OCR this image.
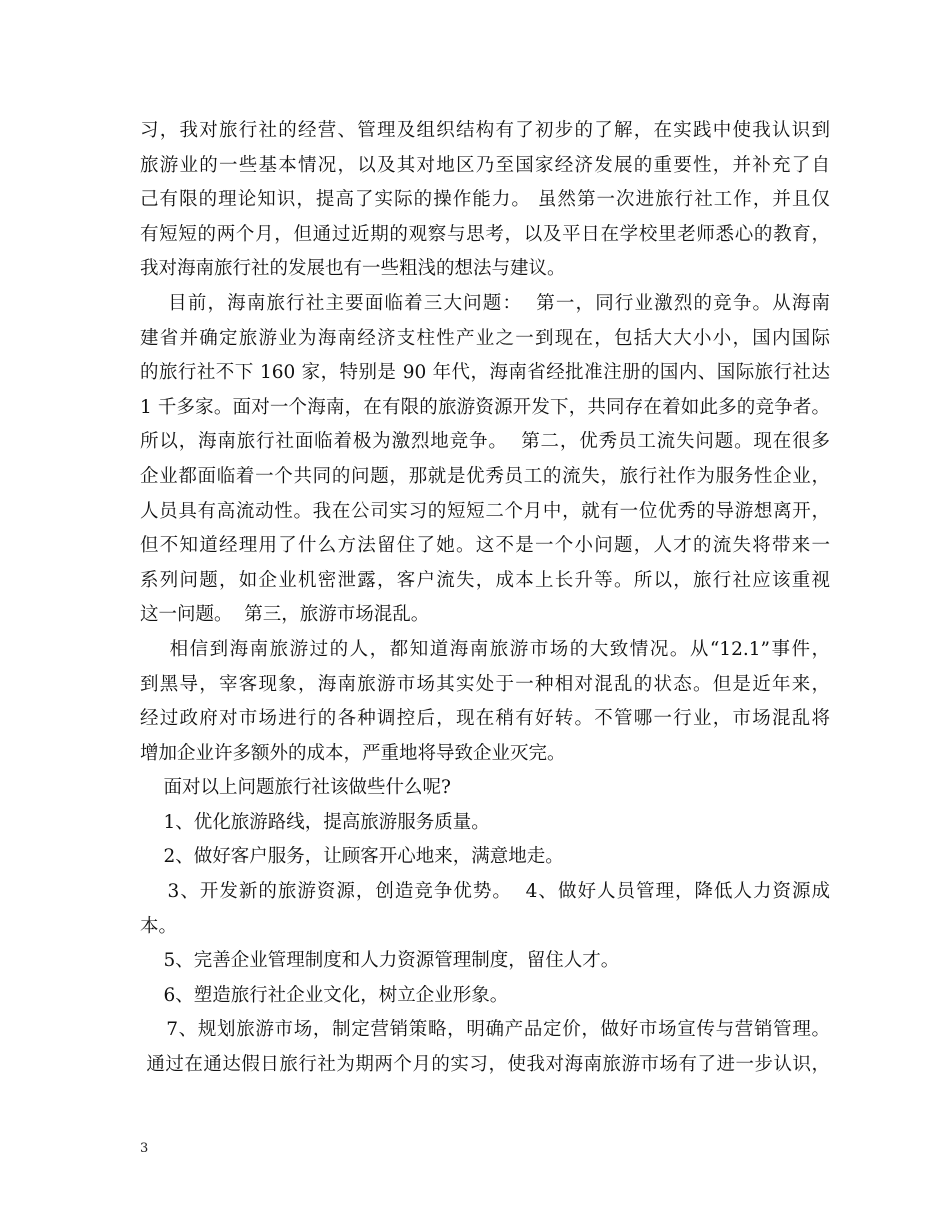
习，我对旅行社的经营、管理及组织结构有了初步的了解，在实践中使我认识到
旅游业的一些基本情况，以及其对地区乃至国家经济发展的重要性，并补充了自
己有限的理论知识，提高了实际的操作能力。 虽然第一次进旅行社工作，并且仅
有短短的两个月，但通过近期的观察与思考，以及平日在学校里老师悉心的教育，
我对海南旅行社的发展也有一些粗浅的想法与建议。
目前，海南旅行社主要面临着三大问题：  第一，同行业激烈的竞争。从海南
建省并确定旅游业为海南经济支柱性产业之一到现在，包括大大小小，国内国际
的旅行社不下 160 家，特别是 90 年代，海南省经批准注册的国内、国际旅行社达
1 千多家。面对一个海南，在有限的旅游资源开发下，共同存在着如此多的竞争者。
所以，海南旅行社面临着极为激烈地竞争。  第二，优秀员工流失问题。现在很多
企业都面临着一个共同的问题，那就是优秀员工的流失，旅行社作为服务性企业，
人员具有高流动性。我在公司实习的短短二个月中，就有一位优秀的导游想离开，
但不知道经理用了什么方法留住了她。这不是一个小问题，人才的流失将带来一
系列问题，如企业机密泄露，客户流失，成本上长升等。所以，旅行社应该重视
这一问题。  第三，旅游市场混乱。
相信到海南旅游过的人，都知道海南旅游市场的大致情况。从“12.1”事件，
到黑导，宰客现象，海南旅游市场其实处于一种相对混乱的状态。但是近年来，
经过政府对市场进行的各种调控后，现在稍有好转。不管哪一行业，市场混乱将
增加企业许多额外的成本，严重地将导致企业灭完。
面对以上问题旅行社该做些什么呢?
1、优化旅游路线，提高旅游服务质量。
2、做好客户服务，让顾客开心地来，满意地走。
3、开发新的旅游资源，创造竞争优势。  4、做好人员管理，降低人力资源成
本。
5、完善企业管理制度和人力资源管理制度，留住人才。
6、塑造旅行社企业文化，树立企业形象。
7、规划旅游市场，制定营销策略，明确产品定价，做好市场宣传与营销管理。
通过在通达假日旅行社为期两个月的实习，使我对海南旅游市场有了进一步认识，
3
